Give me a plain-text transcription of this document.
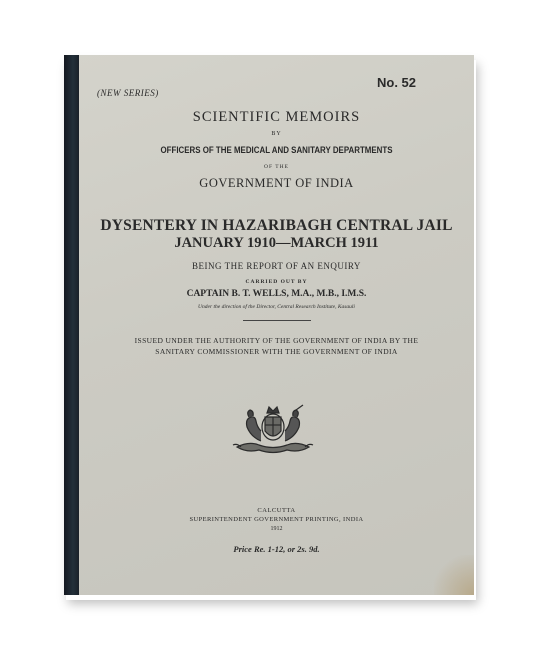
(NEW SERIES)
No. 52
SCIENTIFIC MEMOIRS
BY
OFFICERS OF THE MEDICAL AND SANITARY DEPARTMENTS
OF THE
GOVERNMENT OF INDIA
DYSENTERY IN HAZARIBAGH CENTRAL JAIL
JANUARY 1910—MARCH 1911
BEING THE REPORT OF AN ENQUIRY
CARRIED OUT BY
CAPTAIN B. T. WELLS, M.A., M.B., I.M.S.
Under the direction of the Director, Central Research Institute, Kasauli
ISSUED UNDER THE AUTHORITY OF THE GOVERNMENT OF INDIA BY THE
SANITARY COMMISSIONER WITH THE GOVERNMENT OF INDIA
CALCUTTA
SUPERINTENDENT GOVERNMENT PRINTING, INDIA
1912
Price Re. 1-12, or 2s. 9d.
